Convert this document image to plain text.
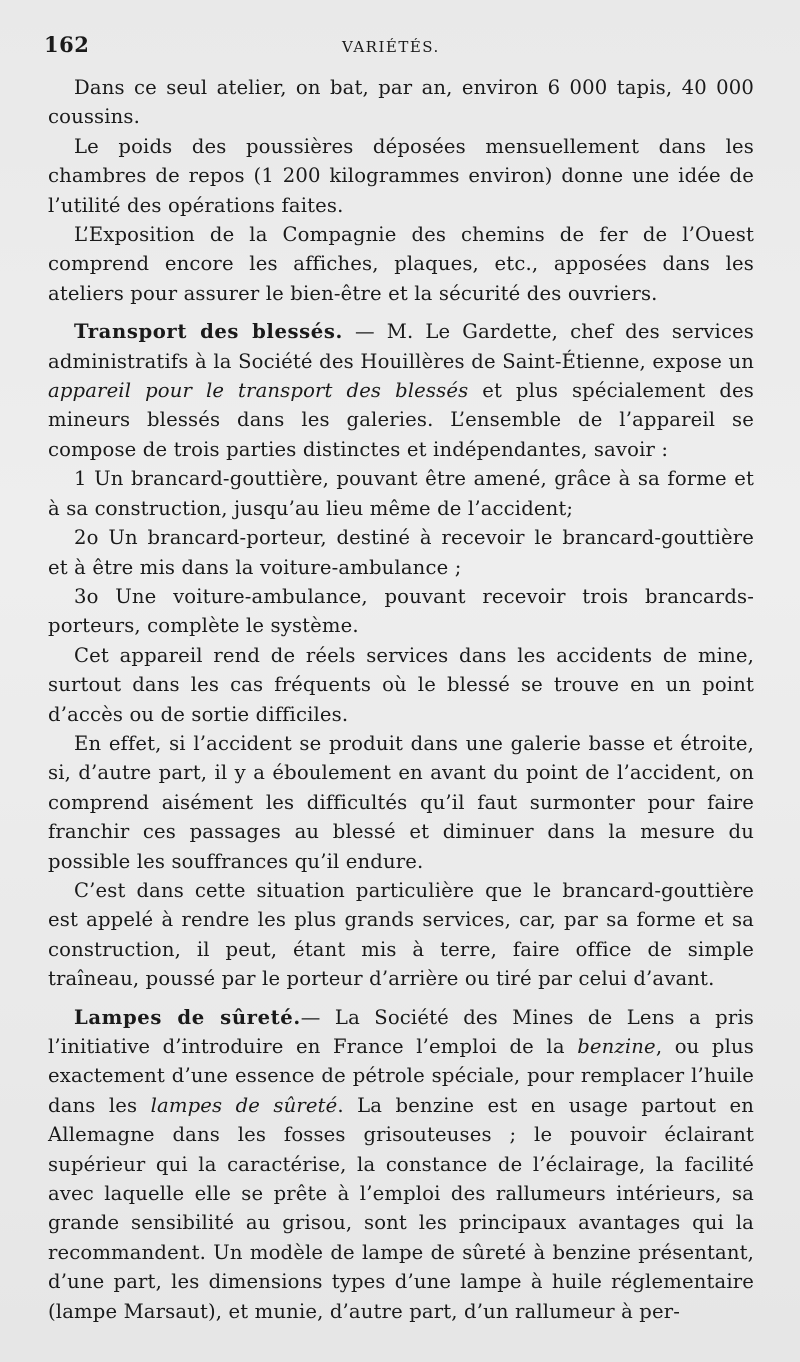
162	VARIÉTÉS.

Dans ce seul atelier, on bat, par an, environ 6 000 tapis, 40 000 coussins.

Le poids des poussières déposées mensuellement dans les chambres de repos (1 200 kilogrammes environ) donne une idée de l’utilité des opérations faites.

L’Exposition de la Compagnie des chemins de fer de l’Ouest comprend encore les affiches, plaques, etc., apposées dans les ateliers pour assurer le bien-être et la sécurité des ouvriers.

Transport des blessés. — M. Le Gardette, chef des services administratifs à la Société des Houillères de Saint-Étienne, expose un appareil pour le transport des blessés et plus spécialement des mineurs blessés dans les galeries. L’ensemble de l’appareil se compose de trois parties distinctes et indépendantes, savoir :

1 Un brancard-gouttière, pouvant être amené, grâce à sa forme et à sa construction, jusqu’au lieu même de l’accident;

2o Un brancard-porteur, destiné à recevoir le brancard-gouttière et à être mis dans la voiture-ambulance ;

3o Une voiture-ambulance, pouvant recevoir trois brancards-porteurs, complète le système.

Cet appareil rend de réels services dans les accidents de mine, surtout dans les cas fréquents où le blessé se trouve en un point d’accès ou de sortie difficiles.

En effet, si l’accident se produit dans une galerie basse et étroite, si, d’autre part, il y a éboulement en avant du point de l’accident, on comprend aisément les difficultés qu’il faut surmonter pour faire franchir ces passages au blessé et diminuer dans la mesure du possible les souffrances qu’il endure.

C’est dans cette situation particulière que le brancard-gouttière est appelé à rendre les plus grands services, car, par sa forme et sa construction, il peut, étant mis à terre, faire office de simple traîneau, poussé par le porteur d’arrière ou tiré par celui d’avant.

Lampes de sûreté.— La Société des Mines de Lens a pris l’initiative d’introduire en France l’emploi de la benzine, ou plus exactement d’une essence de pétrole spéciale, pour remplacer l’huile dans les lampes de sûreté. La benzine est en usage partout en Allemagne dans les fosses grisouteuses ; le pouvoir éclairant supérieur qui la caractérise, la constance de l’éclairage, la facilité avec laquelle elle se prête à l’emploi des rallumeurs intérieurs, sa grande sensibilité au grisou, sont les principaux avantages qui la recommandent. Un modèle de lampe de sûreté à benzine présentant, d’une part, les dimensions types d’une lampe à huile réglementaire (lampe Marsaut), et munie, d’autre part, d’un rallumeur à per-
